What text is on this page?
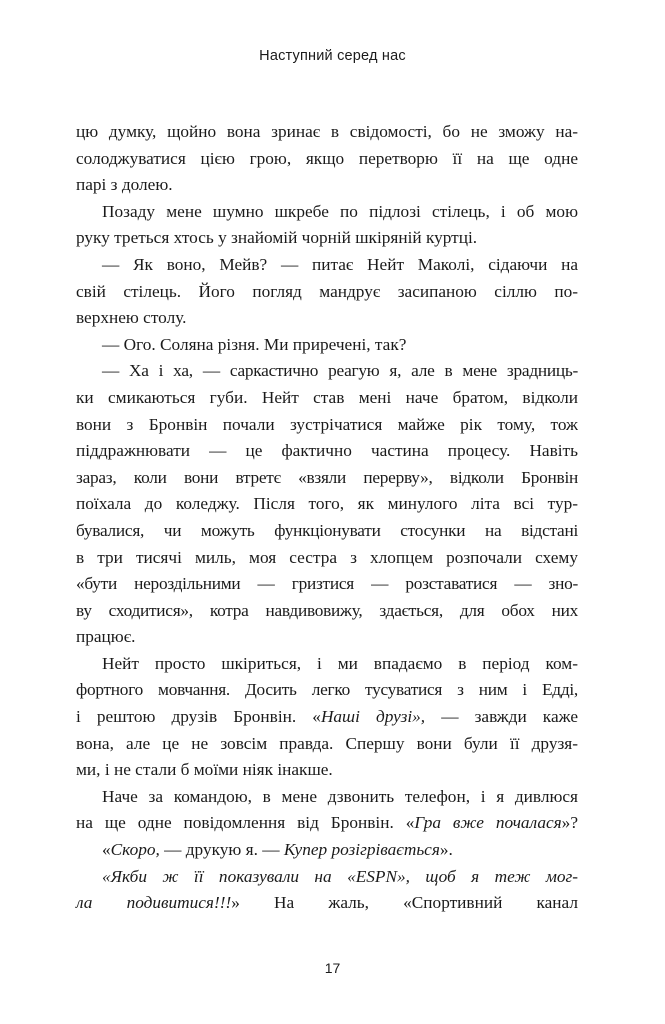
Наступний серед нас
цю думку, щойно вона зринає в свідомості, бо не зможу на-
солоджуватися цією грою, якщо перетворю її на ще одне
парі з долею.
Позаду мене шумно шкребе по підлозі стілець, і об мою
руку треться хтось у знайомій чорній шкіряній куртці.
— Як воно, Мейв? — питає Нейт Маколі, сідаючи на
свій стілець. Його погляд мандрує засипаною сіллю по-
верхнею столу.
— Ого. Соляна різня. Ми приречені, так?
— Ха і ха, — саркастично реагую я, але в мене зрадниць-
ки смикаються губи. Нейт став мені наче братом, відколи
вони з Бронвін почали зустрічатися майже рік тому, тож
піддражнювати — це фактично частина процесу. Навіть
зараз, коли вони втретє «взяли перерву», відколи Бронвін
поїхала до коледжу. Після того, як минулого літа всі тур-
бувалися, чи можуть функціонувати стосунки на відстані
в три тисячі миль, моя сестра з хлопцем розпочали схему
«бути нероздільними — гризтися — розставатися — зно-
ву сходитися», котра навдивовижу, здається, для обох них
працює.
Нейт просто шкіриться, і ми впадаємо в період ком-
фортного мовчання. Досить легко тусуватися з ним і Едді,
і рештою друзів Бронвін. «Наші друзі», — завжди каже
вона, але це не зовсім правда. Спершу вони були її друзя-
ми, і не стали б моїми ніяк інакше.
Наче за командою, в мене дзвонить телефон, і я дивлюся
на ще одне повідомлення від Бронвін. «Гра вже почалася»?
«Скоро, — друкую я. — Купер розігрівається».
«Якби ж її показували на «ESPN», щоб я теж мог-
ла подивитися!!!» На жаль, «Спортивний канал
17
